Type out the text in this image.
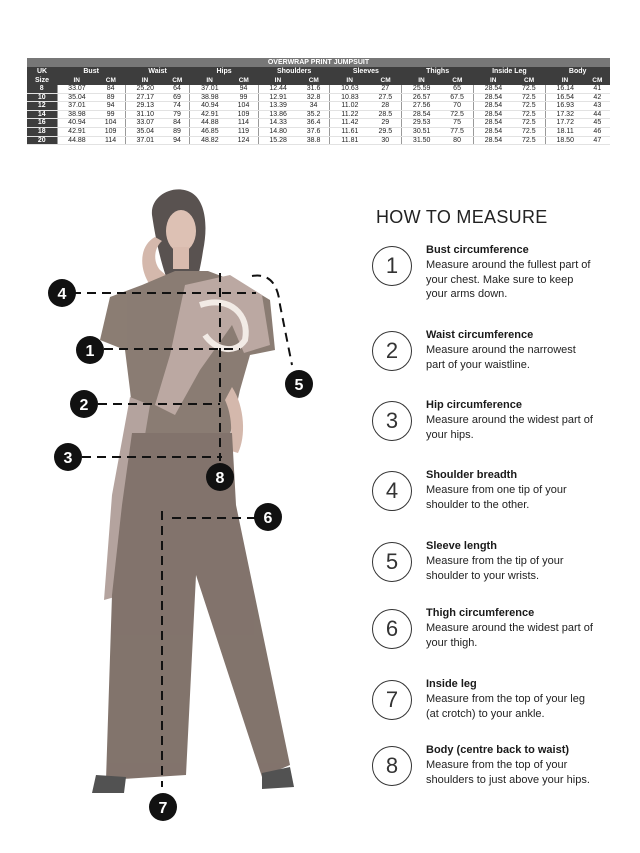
OVERWRAP PRINT JUMPSUIT																
UK Size	Bust		Waist		Hips		Shoulders		Sleeves		Thighs		Inside Leg		Body	
	IN	CM	IN	CM	IN	CM	IN	CM	IN	CM	IN	CM	IN	CM	IN	CM
8	33.07	84	25.20	64	37.01	94	12.44	31.6	10.63	27	25.59	65	28.54	72.5	16.14	41
10	35.04	89	27.17	69	38.98	99	12.91	32.8	10.83	27.5	26.57	67.5	28.54	72.5	16.54	42
12	37.01	94	29.13	74	40.94	104	13.39	34	11.02	28	27.56	70	28.54	72.5	16.93	43
14	38.98	99	31.10	79	42.91	109	13.86	35.2	11.22	28.5	28.54	72.5	28.54	72.5	17.32	44
16	40.94	104	33.07	84	44.88	114	14.33	36.4	11.42	29	29.53	75	28.54	72.5	17.72	45
18	42.91	109	35.04	89	46.85	119	14.80	37.6	11.61	29.5	30.51	77.5	28.54	72.5	18.11	46
20	44.88	114	37.01	94	48.82	124	15.28	38.8	11.81	30	31.50	80	28.54	72.5	18.50	47
1
2
3
4
5
6
7
8
HOW TO MEASURE
1
Bust circumference
Measure around the fullest part of your chest. Make sure to keep your arms down.
2
Waist circumference
Measure around the narrowest part of your waistline.
3
Hip circumference
Measure around the widest part of your hips.
4
Shoulder breadth
Measure from one tip of your shoulder to the other.
5
Sleeve length
Measure from the tip of your shoulder to your wrists.
6
Thigh circumference
Measure around the widest part of your thigh.
7
Inside leg
Measure from the top of your leg (at crotch) to your ankle.
8
Body (centre back to waist)
Measure from the top of your shoulders to just above your hips.
